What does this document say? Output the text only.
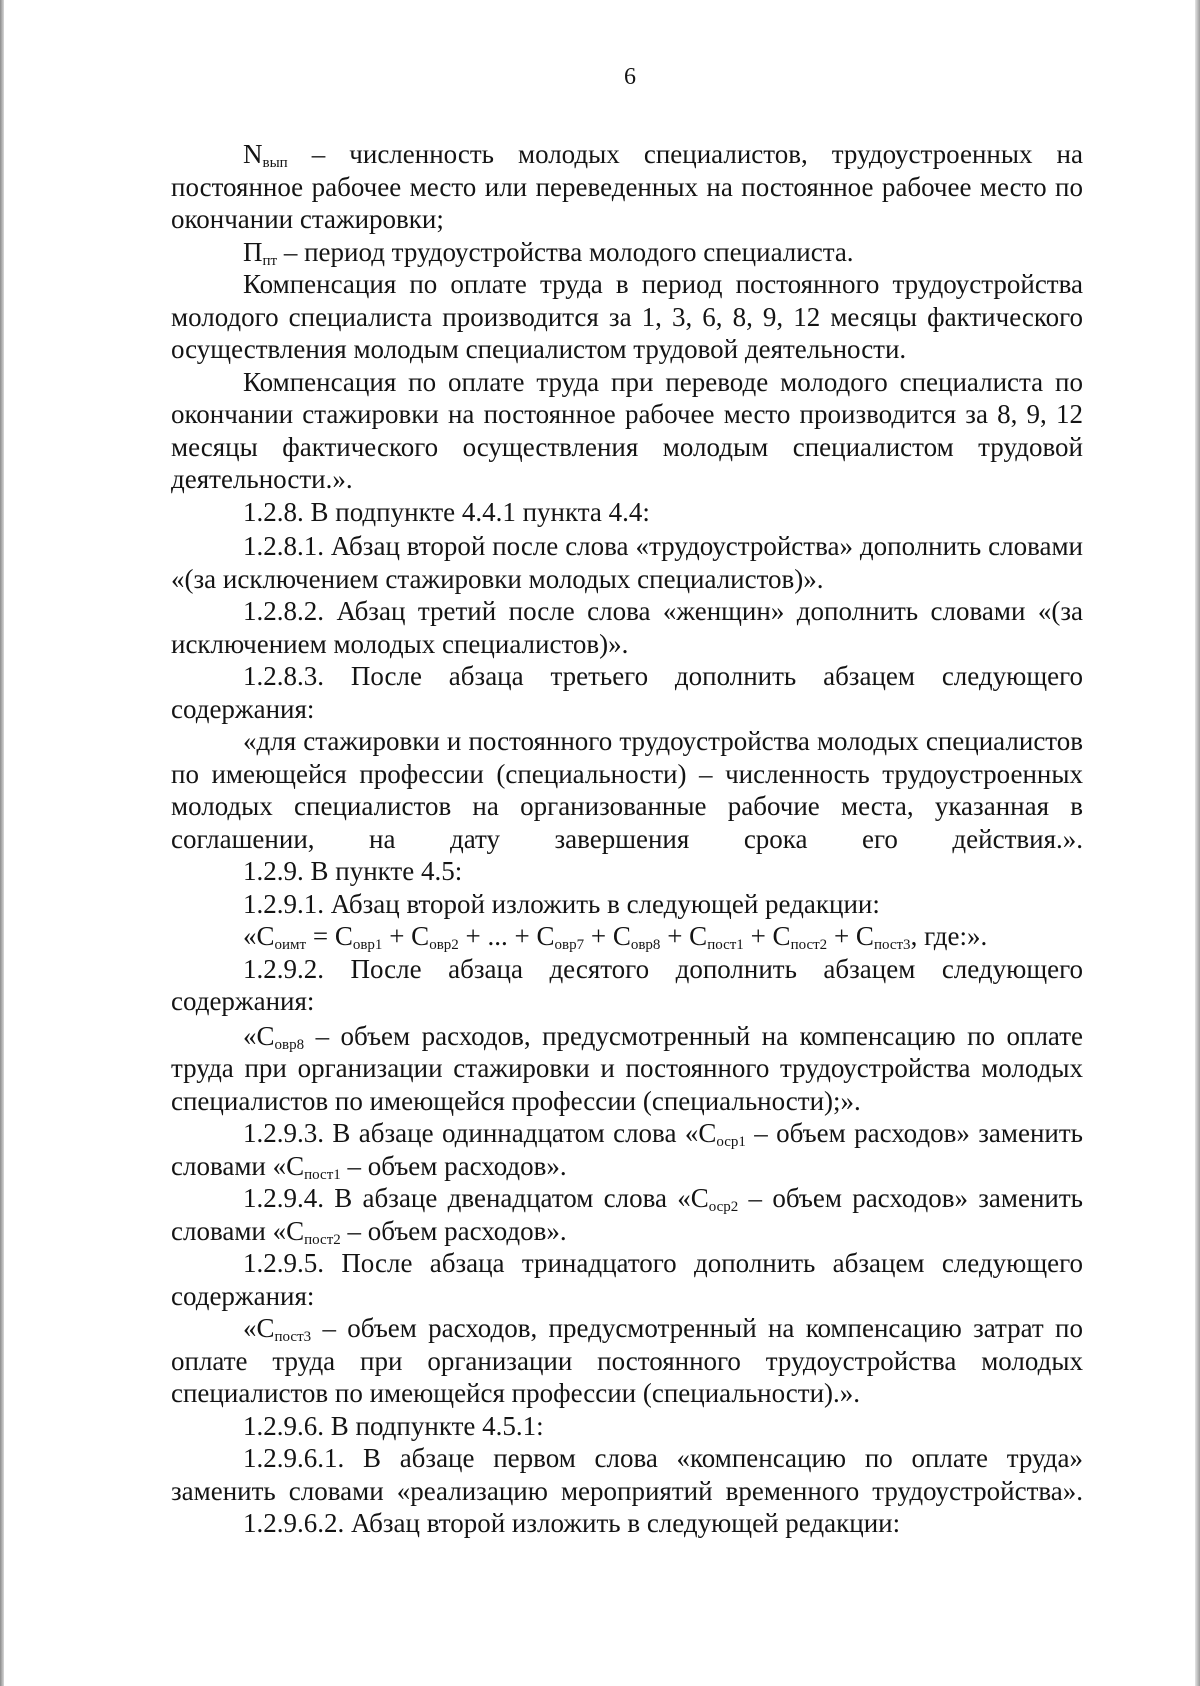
6

$N_{вып}$ – численность молодых специалистов, трудоустроенных на постоянное рабочее место или переведенных на постоянное рабочее место по окончании стажировки;

$П_{пт}$ – период трудоустройства молодого специалиста.

Компенсация по оплате труда в период постоянного трудоустройства молодого специалиста производится за 1, 3, 6, 8, 9, 12 месяцы фактического осуществления молодым специалистом трудовой деятельности.

Компенсация по оплате труда при переводе молодого специалиста по окончании стажировки на постоянное рабочее место производится за 8, 9, 12 месяцы фактического осуществления молодым специалистом трудовой деятельности.».

1.2.8. В подпункте 4.4.1 пункта 4.4:

1.2.8.1. Абзац второй после слова «трудоустройства» дополнить словами «(за исключением стажировки молодых специалистов)».

1.2.8.2. Абзац третий после слова «женщин» дополнить словами «(за исключением молодых специалистов)».

1.2.8.3. После абзаца третьего дополнить абзацем следующего содержания:

«для стажировки и постоянного трудоустройства молодых специалистов по имеющейся профессии (специальности) – численность трудоустроенных молодых специалистов на организованные рабочие места, указанная в соглашении, на дату завершения срока его действия.».

1.2.9. В пункте 4.5:

1.2.9.1. Абзац второй изложить в следующей редакции:

«$С_{оимт} = С_{овр1} + С_{овр2}$ + ... + $С_{овр7} + С_{овр8} + С_{пост1} + С_{пост2} + С_{пост3}$, где:».

1.2.9.2. После абзаца десятого дополнить абзацем следующего содержания:

«$С_{овр8}$ – объем расходов, предусмотренный на компенсацию по оплате труда при организации стажировки и постоянного трудоустройства молодых специалистов по имеющейся профессии (специальности);».

1.2.9.3. В абзаце одиннадцатом слова «$С_{оср1}$ – объем расходов» заменить словами «$С_{пост1}$ – объем расходов».

1.2.9.4. В абзаце двенадцатом слова «$С_{оср2}$ – объем расходов» заменить словами «$С_{пост2}$ – объем расходов».

1.2.9.5. После абзаца тринадцатого дополнить абзацем следующего содержания:

«$С_{пост3}$ – объем расходов, предусмотренный на компенсацию затрат по оплате труда при организации постоянного трудоустройства молодых специалистов по имеющейся профессии (специальности).».

1.2.9.6. В подпункте 4.5.1:

1.2.9.6.1. В абзаце первом слова «компенсацию по оплате труда» заменить словами «реализацию мероприятий временного трудоустройства».

1.2.9.6.2. Абзац второй изложить в следующей редакции:
